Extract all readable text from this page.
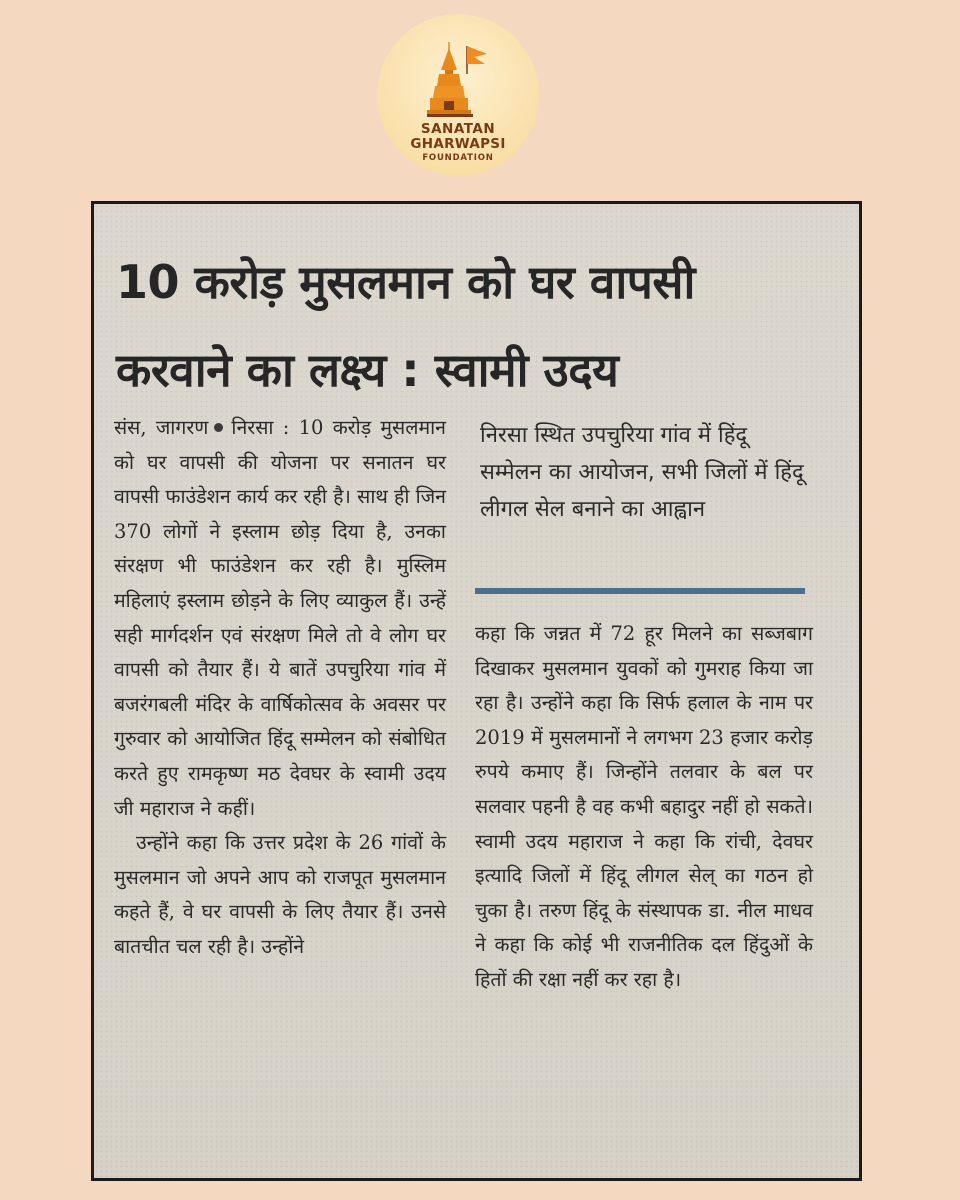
SANATAN
GHARWAPSI
FOUNDATION
10 करोड़ मुसलमान को घर वापसी
करवाने का लक्ष्य : स्वामी उदय

संस, जागरण निरसा : 10 करोड़ मुसलमान को घर वापसी की योजना पर सनातन घर वापसी फाउंडेशन कार्य कर रही है। साथ ही जिन 370 लोगों ने इस्लाम छोड़ दिया है, उनका संरक्षण भी फाउंडेशन कर रही है। मुस्लिम महिलाएं इस्लाम छोड़ने के लिए व्याकुल हैं। उन्हें सही मार्गदर्शन एवं संरक्षण मिले तो वे लोग घर वापसी को तैयार हैं। ये बातें उपचुरिया गांव में बजरंगबली मंदिर के वार्षिकोत्सव के अवसर पर गुरुवार को आयोजित हिंदू सम्मेलन को संबोधित करते हुए रामकृष्ण मठ देवघर के स्वामी उदय जी महाराज ने कहीं।

उन्होंने कहा कि उत्तर प्रदेश के 26 गांवों के मुसलमान जो अपने आप को राजपूत मुसलमान कहते हैं, वे घर वापसी के लिए तैयार हैं। उनसे बातचीत चल रही है। उन्होंने

निरसा स्थित उपचुरिया गांव में हिंदू सम्मेलन का आयोजन, सभी जिलों में हिंदू लीगल सेल बनाने का आह्वान

कहा कि जन्नत में 72 हूर मिलने का सब्जबाग दिखाकर मुसलमान युवकों को गुमराह किया जा रहा है। उन्होंने कहा कि सिर्फ हलाल के नाम पर 2019 में मुसलमानों ने लगभग 23 हजार करोड़ रुपये कमाए हैं। जिन्होंने तलवार के बल पर सलवार पहनी है वह कभी बहादुर नहीं हो सकते। स्वामी उदय महाराज ने कहा कि रांची, देवघर इत्यादि जिलों में हिंदू लीगल सेल् का गठन हो चुका है। तरुण हिंदू के संस्थापक डा. नील माधव ने कहा कि कोई भी राजनीतिक दल हिंदुओं के हितों की रक्षा नहीं कर रहा है।
